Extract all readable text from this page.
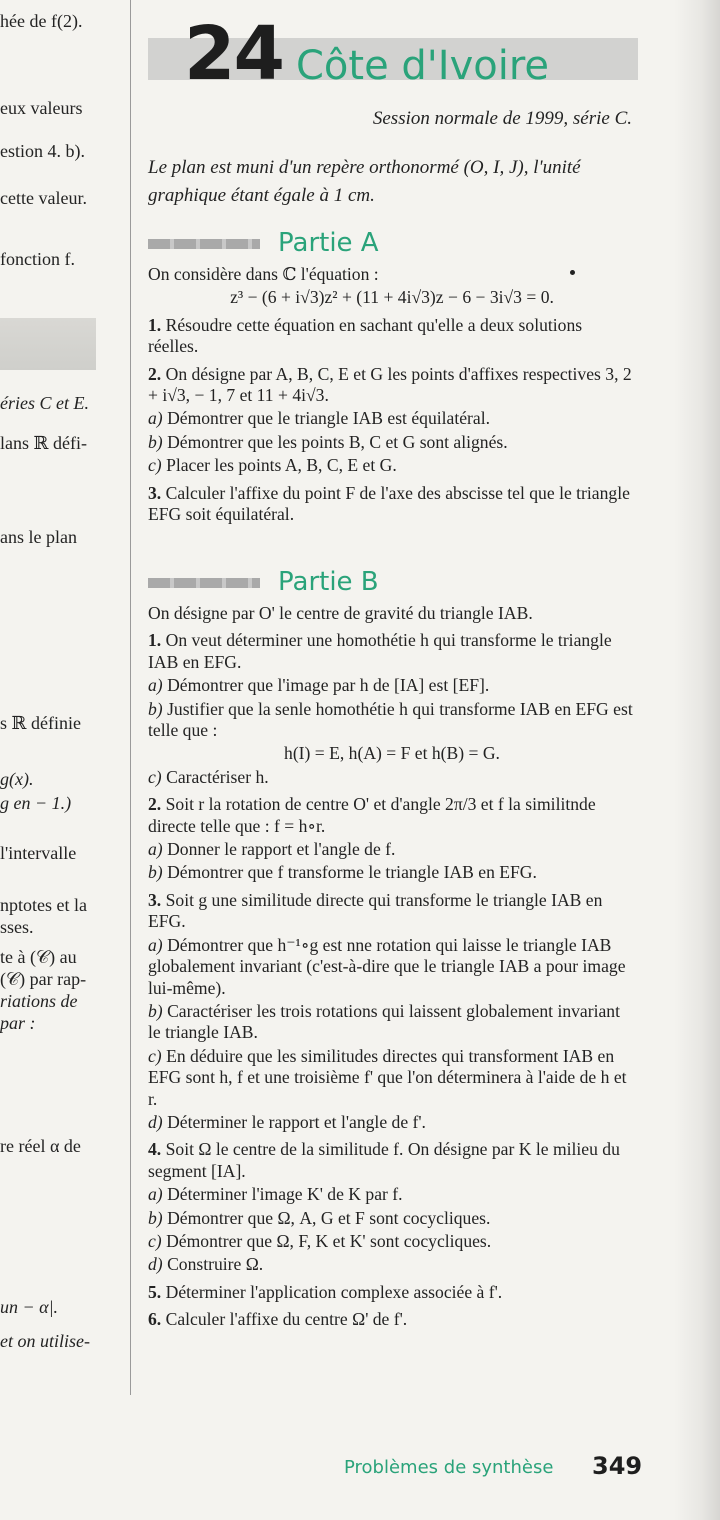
hée de f(2).
eux valeurs
estion 4. b).
cette valeur.
fonction f.
éries C et E.
lans ℝ défi-
ans le plan
s ℝ définie
g(x).
g en − 1.)
l'intervalle
nptotes et la
sses.
te à (𝒞) au
(𝒞) par rap-
riations de
par :
re réel α de
un − α|.
et on utilise-
24 Côte d'Ivoire
Session normale de 1999, série C.
Le plan est muni d'un repère orthonormé (O, I, J), l'unité graphique étant égale à 1 cm.
Partie A

On considère dans ℂ l'équation :

z³ − (6 + i√3)z² + (11 + 4i√3)z − 6 − 3i√3 = 0.

1. Résoudre cette équation en sachant qu'elle a deux solutions réelles.

2. On désigne par A, B, C, E et G les points d'affixes respectives 3, 2 + i√3, − 1, 7 et 11 + 4i√3.

a) Démontrer que le triangle IAB est équilatéral.

b) Démontrer que les points B, C et G sont alignés.

c) Placer les points A, B, C, E et G.

3. Calculer l'affixe du point F de l'axe des abscisse tel que le triangle EFG soit équilatéral.

Partie B

On désigne par O' le centre de gravité du triangle IAB.

1. On veut déterminer une homothétie h qui transforme le triangle IAB en EFG.

a) Démontrer que l'image par h de [IA] est [EF].

b) Justifier que la senle homothétie h qui transforme IAB en EFG est telle que :

h(I) = E, h(A) = F et h(B) = G.

c) Caractériser h.

2. Soit r la rotation de centre O' et d'angle 2π/3 et f la similitnde directe telle que : f = h∘r.

a) Donner le rapport et l'angle de f.

b) Démontrer que f transforme le triangle IAB en EFG.

3. Soit g une similitude directe qui transforme le triangle IAB en EFG.

a) Démontrer que h⁻¹∘g est nne rotation qui laisse le triangle IAB globalement invariant (c'est-à-dire que le triangle IAB a pour image lui-même).

b) Caractériser les trois rotations qui laissent globalement invariant le triangle IAB.

c) En déduire que les similitudes directes qui transforment IAB en EFG sont h, f et une troisième f' que l'on déterminera à l'aide de h et r.

d) Déterminer le rapport et l'angle de f'.

4. Soit Ω le centre de la similitude f. On désigne par K le milieu du segment [IA].

a) Déterminer l'image K' de K par f.

b) Démontrer que Ω, A, G et F sont cocycliques.

c) Démontrer que Ω, F, K et K' sont cocycliques.

d) Construire Ω.

5. Déterminer l'application complexe associée à f'.

6. Calculer l'affixe du centre Ω' de f'.

Problèmes de synthèse 349
